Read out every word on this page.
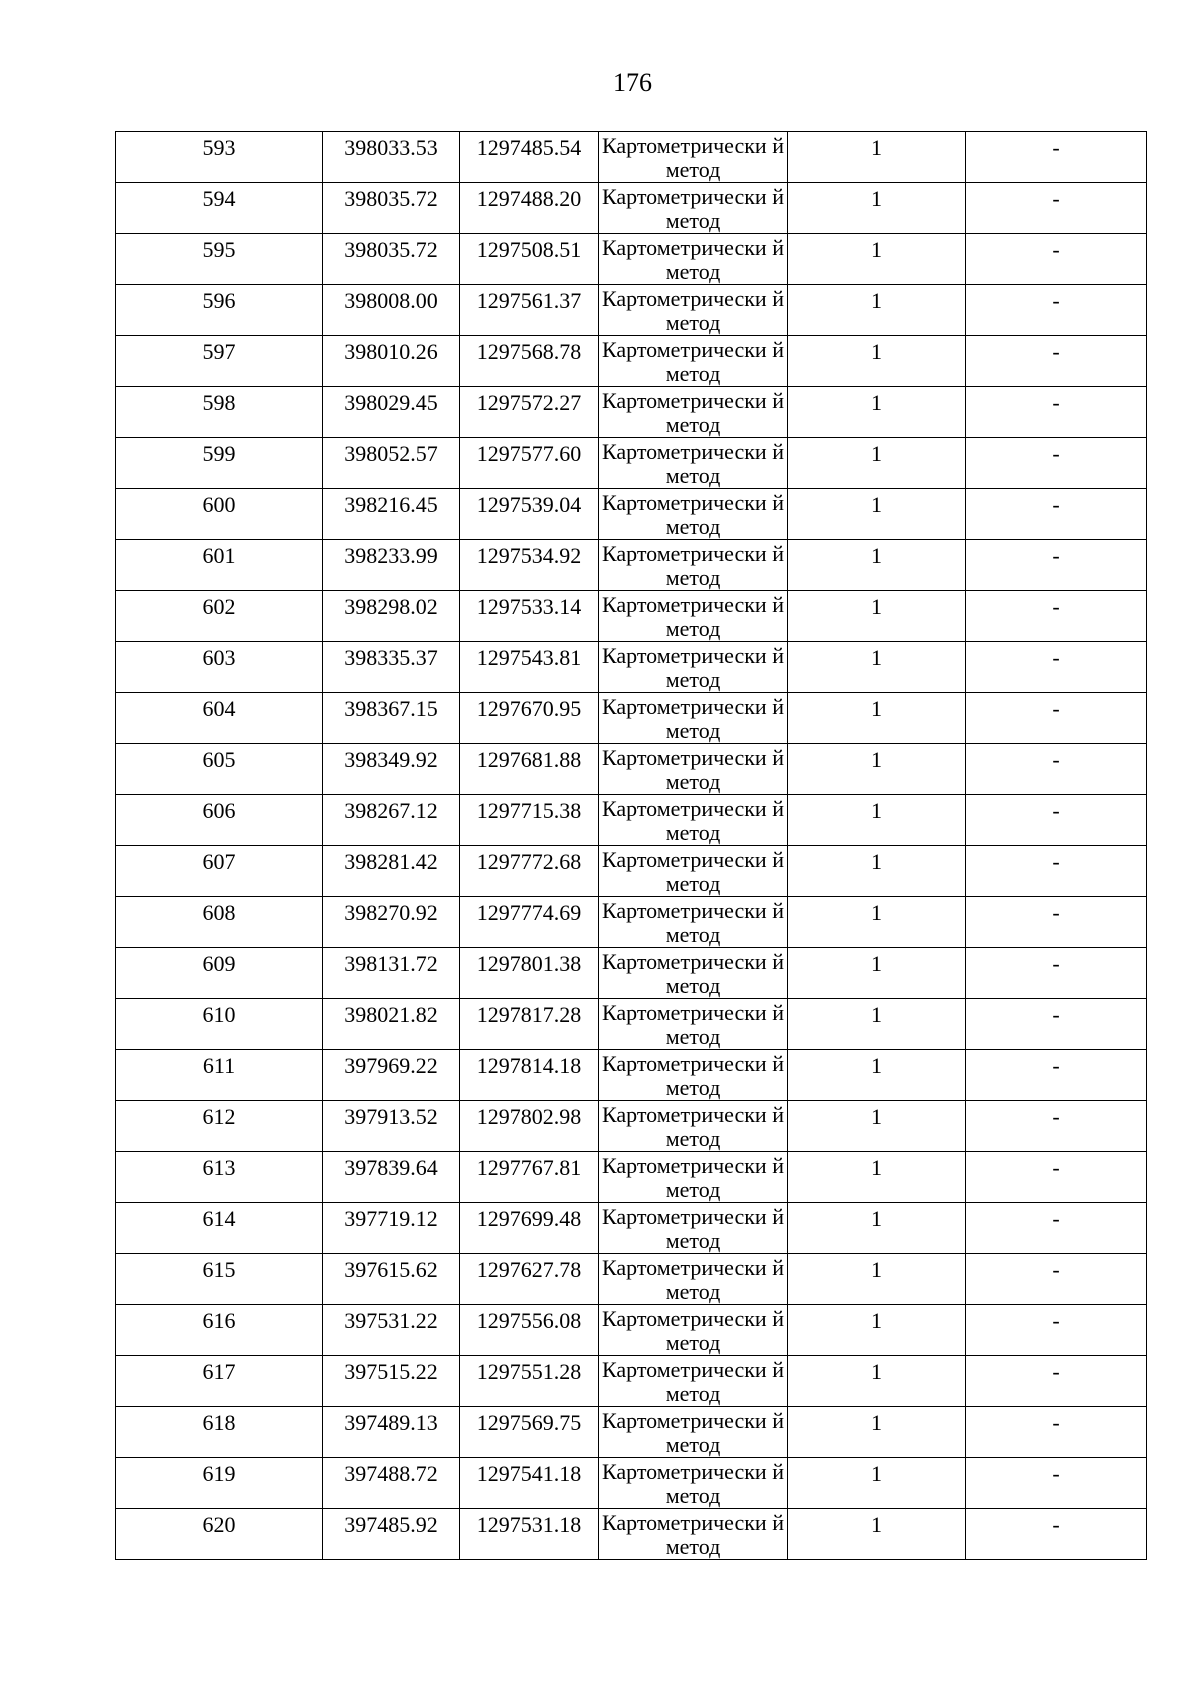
176
593	398033.53	1297485.54	Картометрически й метод	1	-

594	398035.72	1297488.20	Картометрически й метод	1	-

595	398035.72	1297508.51	Картометрически й метод	1	-

596	398008.00	1297561.37	Картометрически й метод	1	-

597	398010.26	1297568.78	Картометрически й метод	1	-

598	398029.45	1297572.27	Картометрически й метод	1	-

599	398052.57	1297577.60	Картометрически й метод	1	-

600	398216.45	1297539.04	Картометрически й метод	1	-

601	398233.99	1297534.92	Картометрически й метод	1	-

602	398298.02	1297533.14	Картометрически й метод	1	-

603	398335.37	1297543.81	Картометрически й метод	1	-

604	398367.15	1297670.95	Картометрически й метод	1	-

605	398349.92	1297681.88	Картометрически й метод	1	-

606	398267.12	1297715.38	Картометрически й метод	1	-

607	398281.42	1297772.68	Картометрически й метод	1	-

608	398270.92	1297774.69	Картометрически й метод	1	-

609	398131.72	1297801.38	Картометрически й метод	1	-

610	398021.82	1297817.28	Картометрически й метод	1	-

611	397969.22	1297814.18	Картометрически й метод	1	-

612	397913.52	1297802.98	Картометрически й метод	1	-

613	397839.64	1297767.81	Картометрически й метод	1	-

614	397719.12	1297699.48	Картометрически й метод	1	-

615	397615.62	1297627.78	Картометрически й метод	1	-

616	397531.22	1297556.08	Картометрически й метод	1	-

617	397515.22	1297551.28	Картометрически й метод	1	-

618	397489.13	1297569.75	Картометрически й метод	1	-

619	397488.72	1297541.18	Картометрически й метод	1	-

620	397485.92	1297531.18	Картометрически й метод	1	-
